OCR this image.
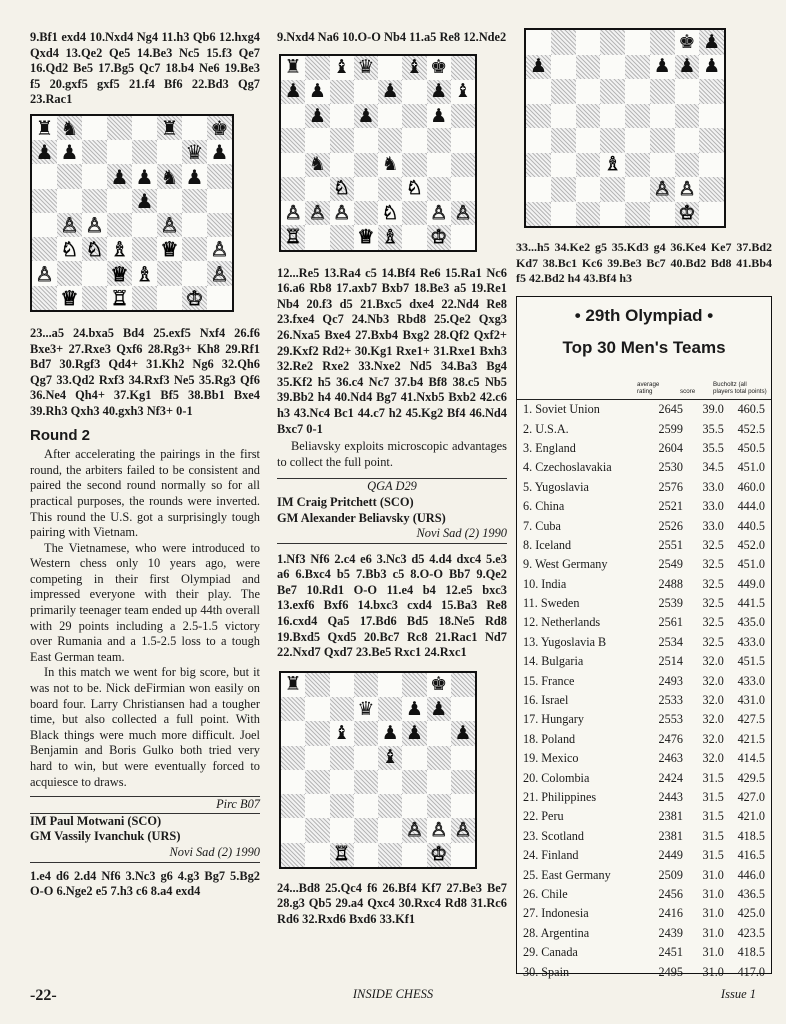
9.Bf1 exd4 10.Nxd4 Ng4 11.h3 Qb6 12.hxg4 Qxd4 13.Qe2 Qe5 14.Be3 Nc5 15.f3 Qe7 16.Qd2 Be5 17.Bg5 Qc7 18.b4 Ne6 19.Be3 f5 20.gxf5 gxf5 21.f4 Bf6 22.Bd3 Qg7 23.Rac1

♜ ♞	♜ ♚
♟ ♟	♛ ♟
♟ ♟ ♞ ♟
♟
♙ ♙	♙
♘ ♘ ♗ ♕ ♙
♙	♕ ♗	♙
♕ ♖	♔

23...a5 24.bxa5 Bd4 25.exf5 Nxf4 26.f6 Bxe3+ 27.Rxe3 Qxf6 28.Rg3+ Kh8 29.Rf1 Bd7 30.Rgf3 Qd4+ 31.Kh2 Ng6 32.Qh6 Qg7 33.Qd2 Rxf3 34.Rxf3 Ne5 35.Rg3 Qf6 36.Ne4 Qh4+ 37.Kg1 Bf5 38.Bb1 Bxe4 39.Rh3 Qxh3 40.gxh3 Nf3+ 0-1

Round 2

After accelerating the pairings in the first round, the arbiters failed to be consistent and paired the second round normally so for all practical purposes, the rounds were inverted. This round the U.S. got a surprisingly tough pairing with Vietnam.

The Vietnamese, who were introduced to Western chess only 10 years ago, were competing in their first Olympiad and impressed everyone with their play. The primarily teenager team ended up 44th overall with 29 points including a 2.5-1.5 victory over Rumania and a 1.5-2.5 loss to a tough East German team.

In this match we went for big score, but it was not to be. Nick deFirmian won easily on board four. Larry Christiansen had a tougher time, but also collected a full point. With Black things were much more difficult. Joel Benjamin and Boris Gulko both tried very hard to win, but were eventually forced to acquiesce to draws.

Pirc B07

IM Paul Motwani (SCO)

GM Vassily Ivanchuk (URS)

Novi Sad (2) 1990

1.e4 d6 2.d4 Nf6 3.Nc3 g6 4.g3 Bg7 5.Bg2 O-O 6.Nge2 e5 7.h3 c6 8.a4 exd4

9.Nxd4 Na6 10.O-O Nb4 11.a5 Re8 12.Nde2

♜ ♝ ♛ ♝ ♚
♟ ♟	♟ ♟ ♝
♟ ♟	♟
♞	♞
♘	♘
♙ ♙ ♙ ♘ ♙ ♙
♖	♕ ♗ ♔

12...Re5 13.Ra4 c5 14.Bf4 Re6 15.Ra1 Nc6 16.a6 Rb8 17.axb7 Bxb7 18.Be3 a5 19.Re1 Nb4 20.f3 d5 21.Bxc5 dxe4 22.Nd4 Re8 23.fxe4 Qc7 24.Nb3 Rbd8 25.Qe2 Qxg3 26.Nxa5 Bxe4 27.Bxb4 Bxg2 28.Qf2 Qxf2+ 29.Kxf2 Rd2+ 30.Kg1 Rxe1+ 31.Rxe1 Bxh3 32.Re2 Rxe2 33.Nxe2 Nd5 34.Ba3 Bg4 35.Kf2 h5 36.c4 Nc7 37.b4 Bf8 38.c5 Nb5 39.Bb2 h4 40.Nd4 Bg7 41.Nxb5 Bxb2 42.c6 h3 43.Nc4 Bc1 44.c7 h2 45.Kg2 Bf4 46.Nd4 Bxc7 0-1

Beliavsky exploits microscopic advantages to collect the full point.

QGA D29

IM Craig Pritchett (SCO)

GM Alexander Beliavsky (URS)

Novi Sad (2) 1990

1.Nf3 Nf6 2.c4 e6 3.Nc3 d5 4.d4 dxc4 5.e3 a6 6.Bxc4 b5 7.Bb3 c5 8.O-O Bb7 9.Qe2 Be7 10.Rd1 O-O 11.e4 b4 12.e5 bxc3 13.exf6 Bxf6 14.bxc3 cxd4 15.Ba3 Re8 16.cxd4 Qa5 17.Bd6 Bd5 18.Ne5 Rd8 19.Bxd5 Qxd5 20.Bc7 Rc8 21.Rac1 Nd7 22.Nxd7 Qxd7 23.Be5 Rxc1 24.Rxc1

♜	♚
♛ ♟ ♟
♝ ♟ ♟ ♟
♝
♙ ♙ ♙
♖	♔

24...Bd8 25.Qc4 f6 26.Bf4 Kf7 27.Be3 Be7 28.g3 Qb5 29.a4 Qxc4 30.Rxc4 Rd8 31.Rc6 Rd6 32.Rxd6 Bxd6 33.Kf1

♚ ♟
♟	♟ ♟ ♟
♗
♙ ♙
♔

33...h5 34.Ke2 g5 35.Kd3 g4 36.Ke4 Ke7 37.Bd2 Kd7 38.Bc1 Kc6 39.Be3 Bc7 40.Bd2 Bd8 41.Bb4 f5 42.Bd2 h4 43.Bf4 h3

• 29th Olympiad •
Top 30 Men's Teams
average rating	score
Bucholtz (all players total points)
1. Soviet Union	2645	39.0	460.5
2. U.S.A.	2599	35.5	452.5
3. England	2604	35.5	450.5
4. Czechoslavakia	2530	34.5	451.0
5. Yugoslavia	2576	33.0	460.0
6. China	2521	33.0	444.0
7. Cuba	2526	33.0	440.5
8. Iceland	2551	32.5	452.0
9. West Germany	2549	32.5	451.0
10. India	2488	32.5	449.0
11. Sweden	2539	32.5	441.5
12. Netherlands	2561	32.5	435.0
13. Yugoslavia B	2534	32.5	433.0
14. Bulgaria	2514	32.0	451.5
15. France	2493	32.0	433.0
16. Israel	2533	32.0	431.0
17. Hungary	2553	32.0	427.5
18. Poland	2476	32.0	421.5
19. Mexico	2463	32.0	414.5
20. Colombia	2424	31.5	429.5
21. Philippines	2443	31.5	427.0
22. Peru	2381	31.5	421.0
23. Scotland	2381	31.5	418.5
24. Finland	2449	31.5	416.5
25. East Germany	2509	31.0	446.0
26. Chile	2456	31.0	436.5
27. Indonesia	2416	31.0	425.0
28. Argentina	2439	31.0	423.5
29. Canada	2451	31.0	418.5
30. Spain	2495	31.0	417.0
INSIDE CHESS
-22-	Issue 1
